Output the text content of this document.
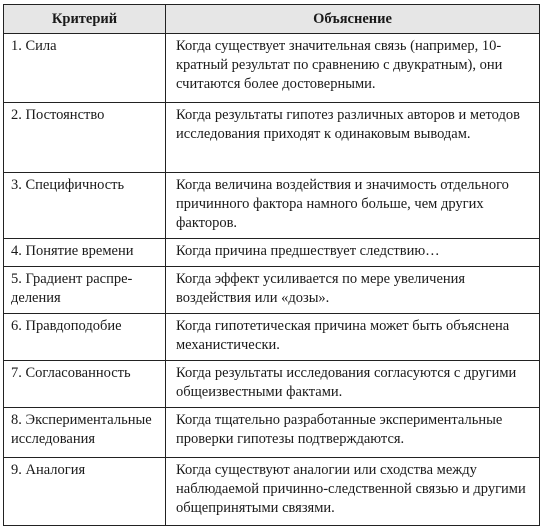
Критерий	Объяснение
1. Сила	Когда существует значительная связь (например, 10-кратный результат по сравнению с двукратным), они считаются более достоверными.
2. Постоянство	Когда результаты гипотез различных авторов и методов исследования приходят к одинаковым выводам.
3. Специфичность	Когда величина воздействия и значимость отдельного причинного фактора намного больше, чем других факторов.
4. Понятие времени	Когда причина предшествует следствию…
5. Градиент распределения	Когда эффект усиливается по мере увеличения воздействия или «дозы».
6. Правдоподобие	Когда гипотетическая причина может быть объяснена механистически.
7. Согласованность	Когда результаты исследования согласуются с другими общеизвестными фактами.
8. Экспериментальные исследования	Когда тщательно разработанные экспериментальные проверки гипотезы подтверждаются.
9. Аналогия	Когда существуют аналогии или сходства между наблюдаемой причинно-следственной связью и другими общепринятыми связями.
